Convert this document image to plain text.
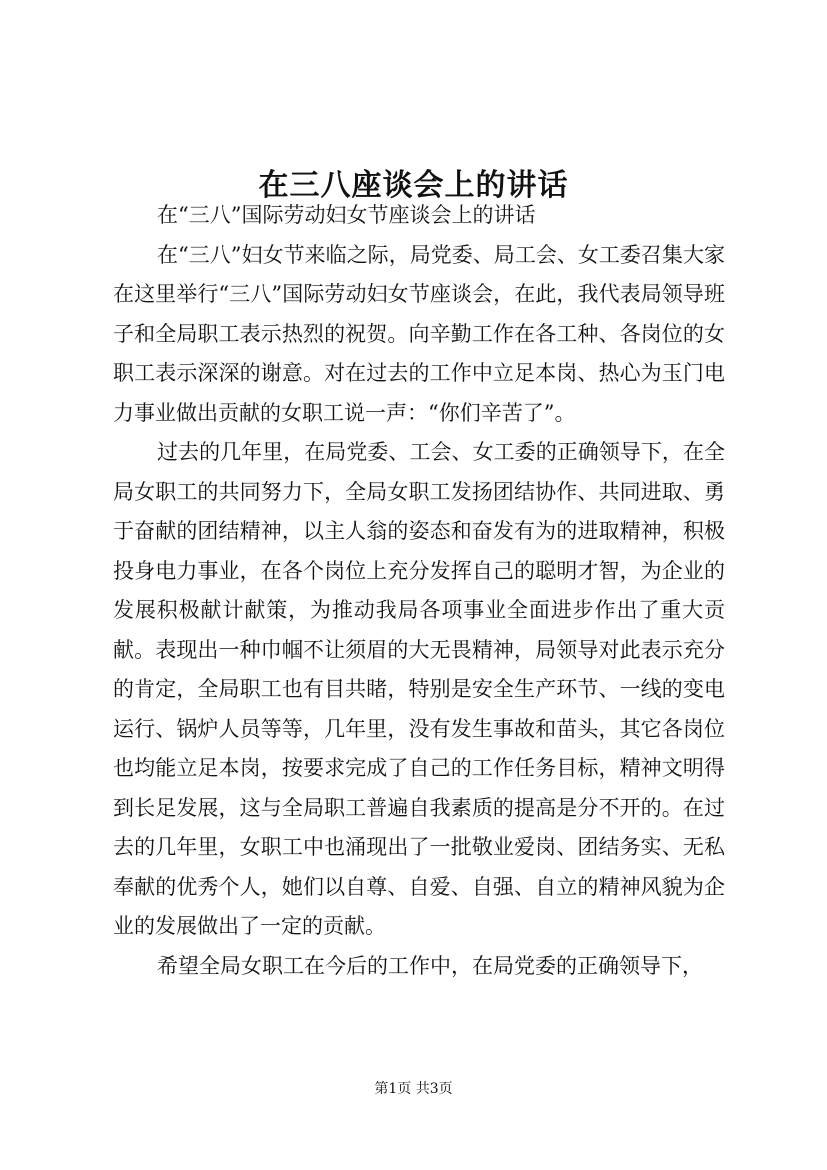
在三八座谈会上的讲话

在“三八”国际劳动妇女节座谈会上的讲话

在“三八”妇女节来临之际，局党委、局工会、女工委召集大家在这里举行“三八”国际劳动妇女节座谈会，在此，我代表局领导班子和全局职工表示热烈的祝贺。向辛勤工作在各工种、各岗位的女职工表示深深的谢意。对在过去的工作中立足本岗、热心为玉门电力事业做出贡献的女职工说一声：“你们辛苦了”。

过去的几年里，在局党委、工会、女工委的正确领导下，在全局女职工的共同努力下，全局女职工发扬团结协作、共同进取、勇于奋献的团结精神，以主人翁的姿态和奋发有为的进取精神，积极投身电力事业，在各个岗位上充分发挥自己的聪明才智，为企业的发展积极献计献策，为推动我局各项事业全面进步作出了重大贡献。表现出一种巾帼不让须眉的大无畏精神，局领导对此表示充分的肯定，全局职工也有目共睹，特别是安全生产环节、一线的变电运行、锅炉人员等等，几年里，没有发生事故和苗头，其它各岗位也均能立足本岗，按要求完成了自己的工作任务目标，精神文明得到长足发展，这与全局职工普遍自我素质的提高是分不开的。在过去的几年里，女职工中也涌现出了一批敬业爱岗、团结务实、无私奉献的优秀个人，她们以自尊、自爱、自强、自立的精神风貌为企业的发展做出了一定的贡献。

希望全局女职工在今后的工作中，在局党委的正确领导下，

第1页 共3页
